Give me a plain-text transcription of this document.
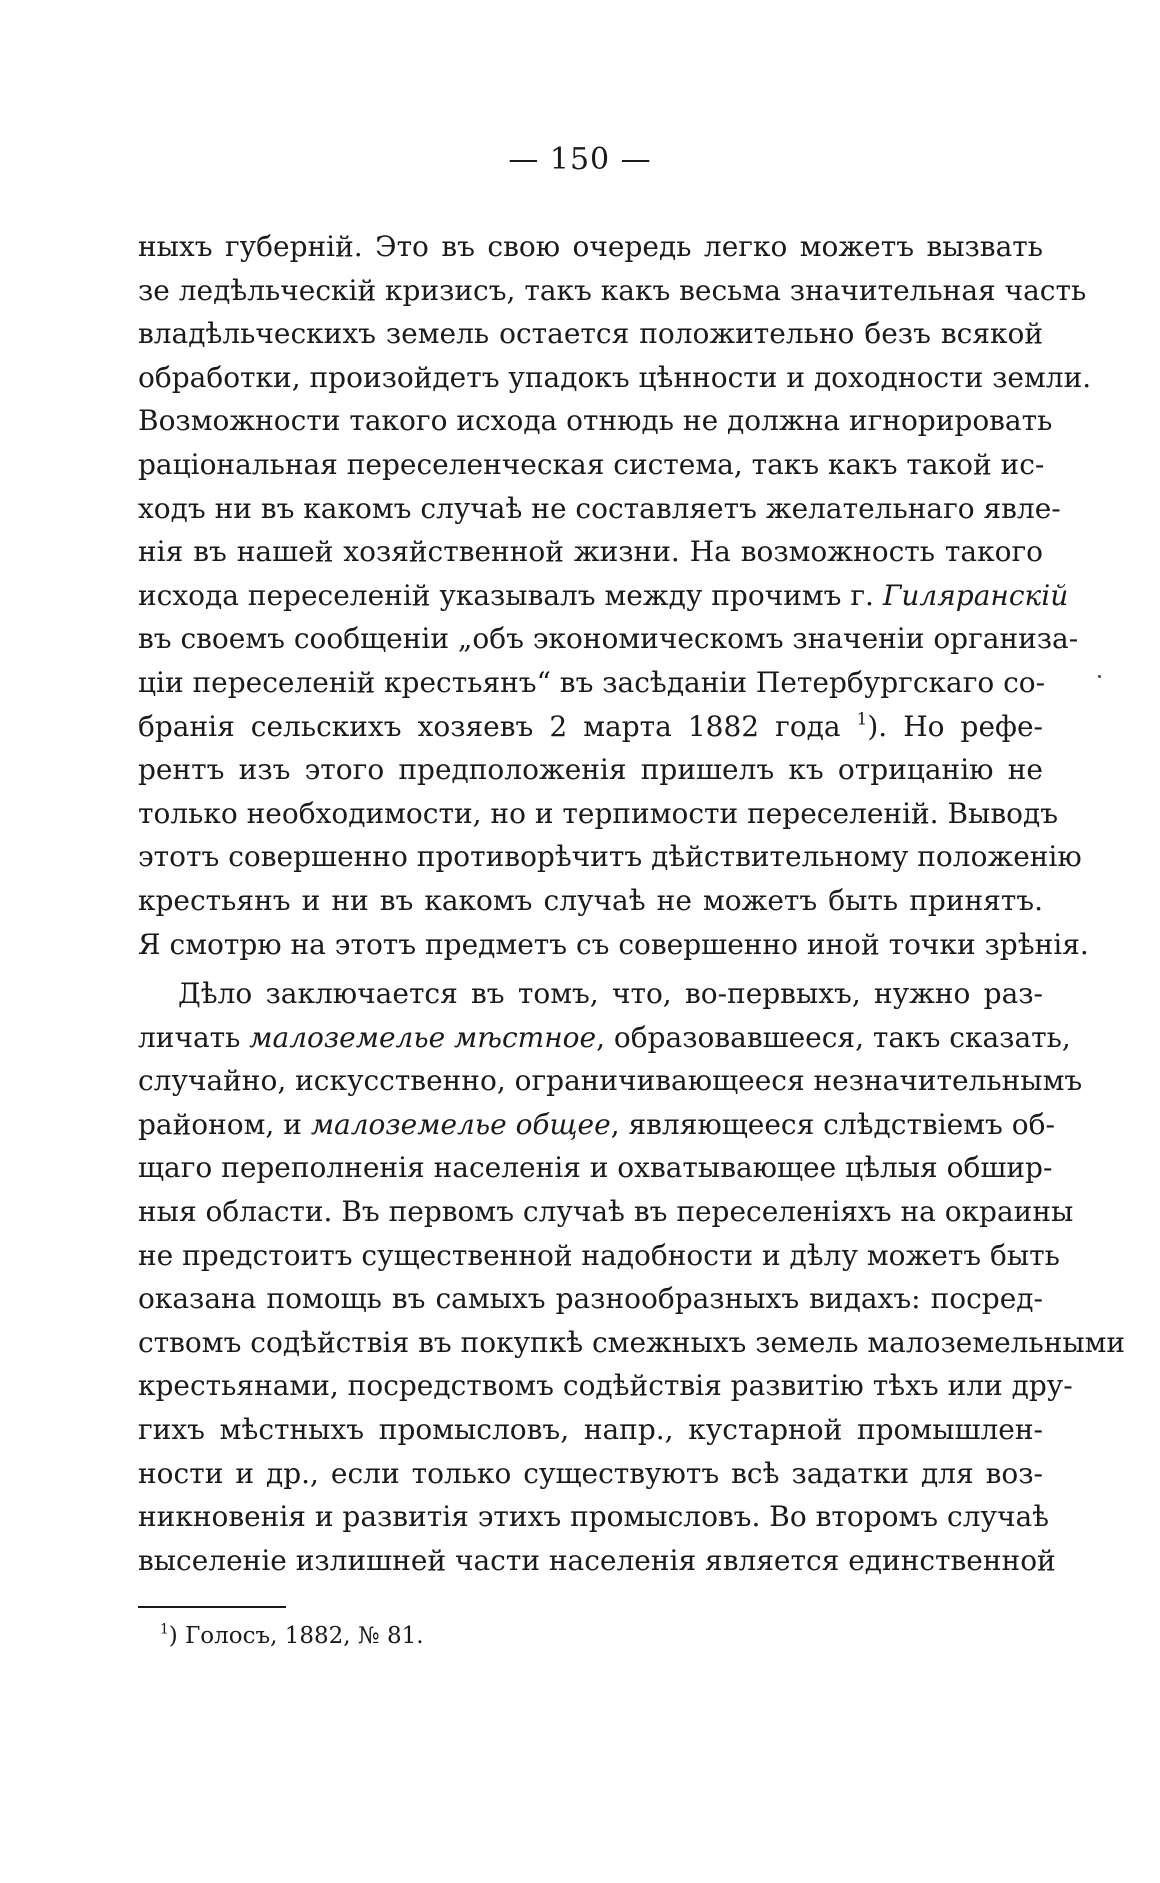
— 150 —
ныхъ губерній. Это въ свою очередь легко можетъ вызвать
зе ледѣльческій кризисъ, такъ какъ весьма значительная часть
владѣльческихъ земель остается положительно безъ всякой
обработки, произойдетъ упадокъ цѣнности и доходности земли.
Возможности такого исхода отнюдь не должна игнорировать
раціональная переселенческая система, такъ какъ такой ис-
ходъ ни въ какомъ случаѣ не составляетъ желательнаго явле-
нія въ нашей хозяйственной жизни. На возможность такого
исхода переселеній указывалъ между прочимъ г. Гиляранскій
въ своемъ сообщеніи „объ экономическомъ значеніи организа-
ціи переселеній крестьянъ“ въ засѣданіи Петербургскаго со-
бранія сельскихъ хозяевъ 2 марта 1882 года $^1$). Но рефе-
рентъ изъ этого предположенія пришелъ къ отрицанію не
только необходимости, но и терпимости переселеній. Выводъ
этотъ совершенно противорѣчитъ дѣйствительному положенію
крестьянъ и ни въ какомъ случаѣ не можетъ быть принятъ.
Я смотрю на этотъ предметъ съ совершенно иной точки зрѣнія.
Дѣло заключается въ томъ, что, во-первыхъ, нужно раз-
личать малоземелье мѣстное, образовавшееся, такъ сказать,
случайно, искусственно, ограничивающееся незначительнымъ
районом, и малоземелье общее, являющееся слѣдствіемъ об-
щаго переполненія населенія и охватывающее цѣлыя обшир-
ныя области. Въ первомъ случаѣ въ переселеніяхъ на окраины
не предстоитъ существенной надобности и дѣлу можетъ быть
оказана помощь въ самыхъ разнообразныхъ видахъ: посред-
ствомъ содѣйствія въ покупкѣ смежныхъ земель малоземельными
крестьянами, посредствомъ содѣйствія развитію тѣхъ или дру-
гихъ мѣстныхъ промысловъ, напр., кустарной промышлен-
ности и др., если только существуютъ всѣ задатки для воз-
никновенія и развитія этихъ промысловъ. Во второмъ случаѣ
выселеніе излишней части населенія является единственной
$^1$) Голосъ, 1882, № 81.
